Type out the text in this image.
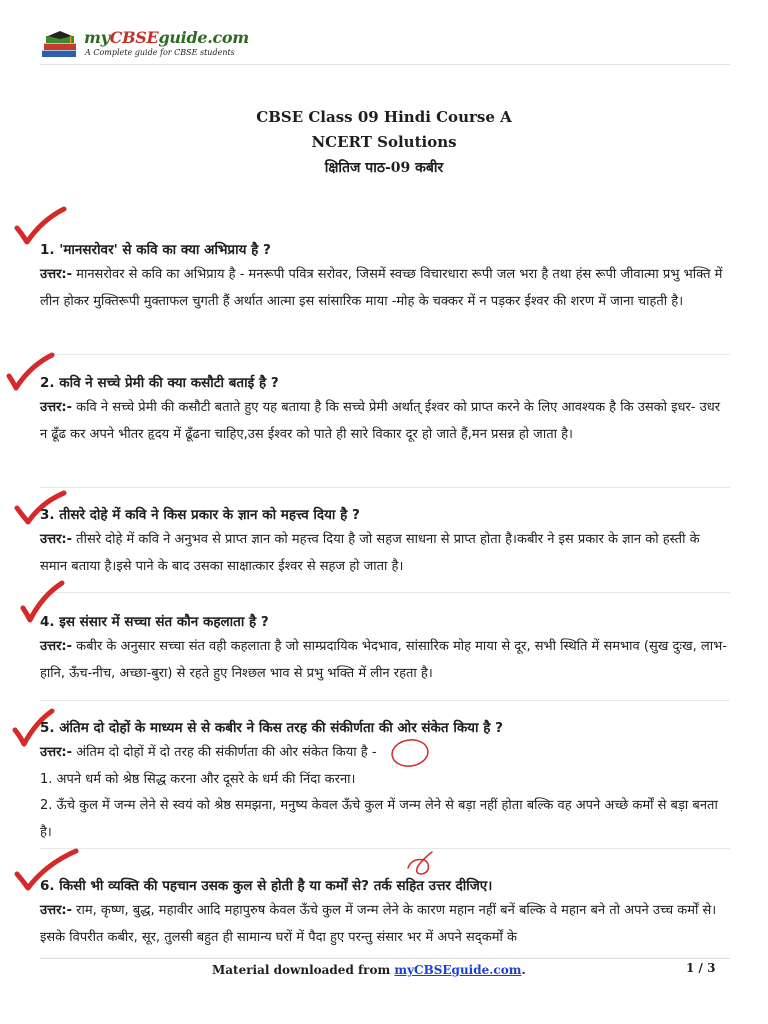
myCBSEguide.com
A Complete guide for CBSE students
CBSE Class 09 Hindi Course A
NCERT Solutions
क्षितिज पाठ-09 कबीर
1. 'मानसरोवर' से कवि का क्या अभिप्राय है ?
उत्तर:- मानसरोवर से कवि का अभिप्राय है - मनरूपी पवित्र सरोवर, जिसमें स्वच्छ विचारधारा रूपी जल भरा है तथा हंस रूपी जीवात्मा प्रभु भक्ति में लीन होकर मुक्तिरूपी मुक्ताफल चुगती हैं अर्थात आत्मा इस सांसारिक माया -मोह के चक्कर में न पड़कर ईश्वर की शरण में जाना चाहती है।
2. कवि ने सच्चे प्रेमी की क्या कसौटी बताई है ?
उत्तर:- कवि ने सच्चे प्रेमी की कसौटी बताते हुए यह बताया है कि सच्चे प्रेमी अर्थात् ईश्वर को प्राप्त करने के लिए आवश्यक है कि उसको इधर- उधर न ढूँढ कर अपने भीतर हृदय में ढूँढना चाहिए,उस ईश्वर को पाते ही सारे विकार दूर हो जाते हैं,मन प्रसन्न हो जाता है।
3. तीसरे दोहे में कवि ने किस प्रकार के ज्ञान को महत्त्व दिया है ?
उत्तर:- तीसरे दोहे में कवि ने अनुभव से प्राप्त ज्ञान को महत्त्व दिया है जो सहज साधना से प्राप्त होता है।कबीर ने इस प्रकार के ज्ञान को हस्ती के समान बताया है।इसे पाने के बाद उसका साक्षात्कार ईश्वर से सहज हो जाता है।
4. इस संसार में सच्चा संत कौन कहलाता है ?
उत्तर:- कबीर के अनुसार सच्चा संत वही कहलाता है जो साम्प्रदायिक भेदभाव, सांसारिक मोह माया से दूर, सभी स्थिति में समभाव (सुख दुःख, लाभ-हानि, ऊँच-नीच, अच्छा-बुरा) से रहते हुए निश्छल भाव से प्रभु भक्ति में लीन रहता है।
5. अंतिम दो दोहों के माध्यम से से कबीर ने किस तरह की संकीर्णता की ओर संकेत किया है ?
उत्तर:- अंतिम दो दोहों में दो तरह की संकीर्णता की ओर संकेत किया है -
1. अपने धर्म को श्रेष्ठ सिद्ध करना और दूसरे के धर्म की निंदा करना।
2. ऊँचे कुल में जन्म लेने से स्वयं को श्रेष्ठ समझना, मनुष्य केवल ऊँचे कुल में जन्म लेने से बड़ा नहीं होता बल्कि वह अपने अच्छे कर्मों से बड़ा बनता है।
6. किसी भी व्यक्ति की पहचान उसक कुल से होती है या कर्मों से? तर्क सहित उत्तर दीजिए।
उत्तर:- राम, कृष्ण, बुद्ध, महावीर आदि महापुरुष केवल ऊँचे कुल में जन्म लेने के कारण महान नहीं बनें बल्कि वे महान बने तो अपने उच्च कर्मों से। इसके विपरीत कबीर, सूर, तुलसी बहुत ही सामान्य घरों में पैदा हुए परन्तु संसार भर में अपने सद्कर्मों के
Material downloaded from myCBSEguide.com.	1 / 3
